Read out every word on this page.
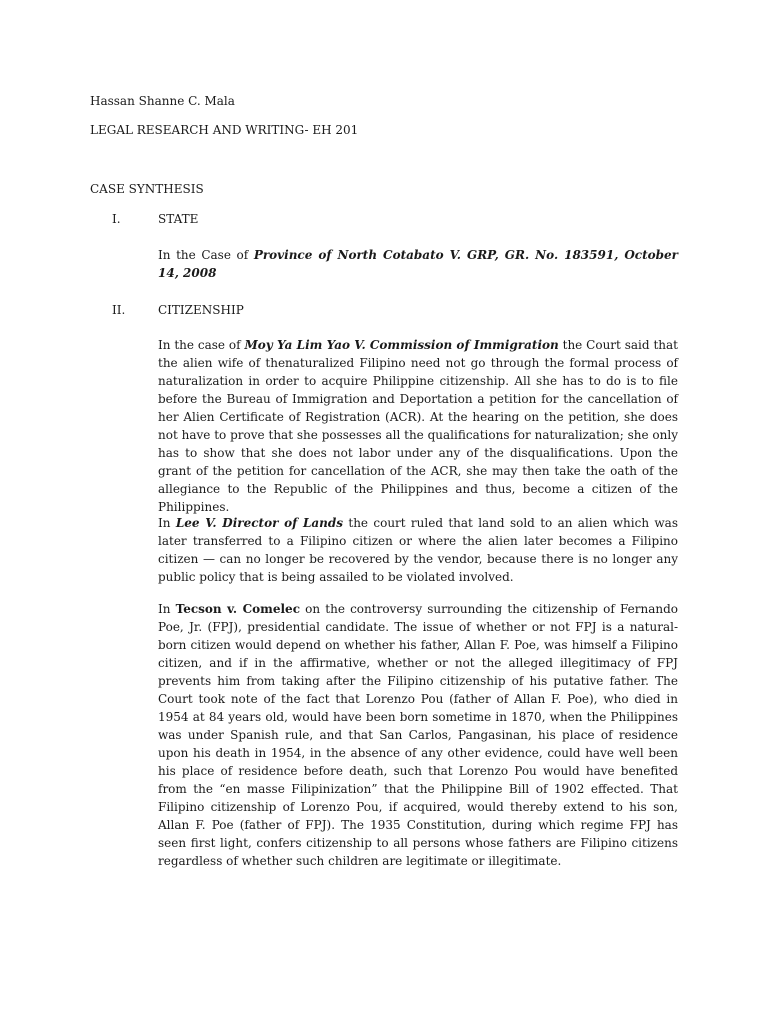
Hassan Shanne C. Mala
LEGAL RESEARCH AND WRITING- EH 201
CASE SYNTHESIS
I.	STATE

In the Case of Province of North Cotabato V. GRP, GR. No. 183591, October 14, 2008

II.	CITIZENSHIP

In the case of Moy Ya Lim Yao V. Commission of Immigration the Court said that the alien wife of thenaturalized Filipino need not go through the formal process of naturalization in order to acquire Philippine citizenship. All she has to do is to file before the Bureau of Immigration and Deportation a petition for the cancellation of her Alien Certificate of Registration (ACR). At the hearing on the petition, she does not have to prove that she possesses all the qualifications for naturalization; she only has to show that she does not labor under any of the disqualifications. Upon the grant of the petition for cancellation of the ACR, she may then take the oath of the allegiance to the Republic of the Philippines and thus, become a citizen of the Philippines.

In Lee V. Director of Lands the court ruled that land sold to an alien which was later transferred to a Filipino citizen or where the alien later becomes a Filipino citizen — can no longer be recovered by the vendor, because there is no longer any public policy that is being assailed to be violated involved.

In Tecson v. Comelec on the controversy surrounding the citizenship of Fernando Poe, Jr. (FPJ), presidential candidate. The issue of whether or not FPJ is a natural-born citizen would depend on whether his father, Allan F. Poe, was himself a Filipino citizen, and if in the affirmative, whether or not the alleged illegitimacy of FPJ prevents him from taking after the Filipino citizenship of his putative father. The Court took note of the fact that Lorenzo Pou (father of Allan F. Poe), who died in 1954 at 84 years old, would have been born sometime in 1870, when the Philippines was under Spanish rule, and that San Carlos, Pangasinan, his place of residence upon his death in 1954, in the absence of any other evidence, could have well been his place of residence before death, such that Lorenzo Pou would have benefited from the “en masse Filipinization” that the Philippine Bill of 1902 effected. That Filipino citizenship of Lorenzo Pou, if acquired, would thereby extend to his son, Allan F. Poe (father of FPJ). The 1935 Constitution, during which regime FPJ has seen first light, confers citizenship to all persons whose fathers are Filipino citizens regardless of whether such children are legitimate or illegitimate.
